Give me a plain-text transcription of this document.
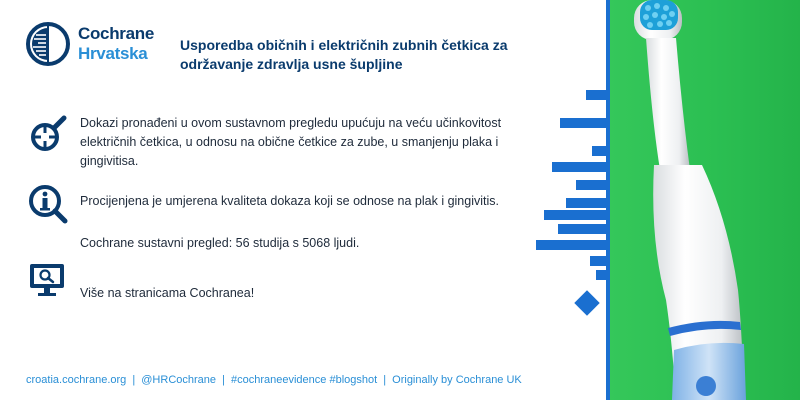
Cochrane
Hrvatska Usporedba običnih i električnih zubnih četkica za
održavanje zdravlja usne šupljine
Dokazi pronađeni u ovom sustavnom pregledu upućuju na veću učinkovitost
električnih četkica, u odnosu na obične četkice za zube, u smanjenju plaka i
gingivitisa.
Procijenjena je umjerena kvaliteta dokaza koji se odnose na plak i gingivitis.
Cochrane sustavni pregled: 56 studija s 5068 ljudi.
Više na stranicama Cochranea!
croatia.cochrane.org | @HRCochrane | #cochraneevidence #blogshot | Originally by Cochrane UK
